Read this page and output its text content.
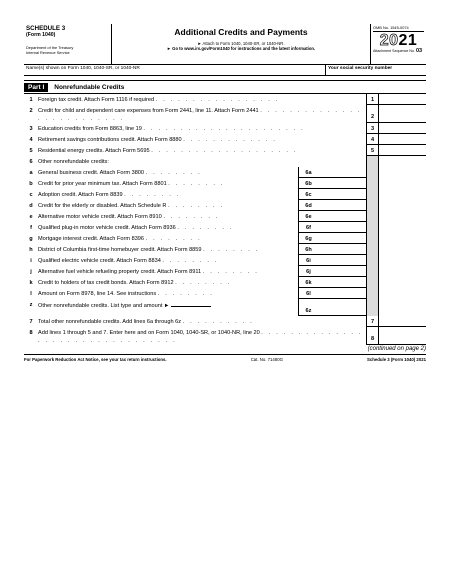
SCHEDULE 3
(Form 1040)
Department of the Treasury
Internal Revenue Service
Additional Credits and Payments
► Attach to Form 1040, 1040-SR, or 1040-NR.
► Go to www.irs.gov/Form1040 for instructions and the latest information.
OMB No. 1545-0074
2021
Attachment Sequence No. 03
Name(s) shown on Form 1040, 1040-SR, or 1040-NR	Your social security number
Part I	Nonrefundable Credits
1 Foreign tax credit. Attach Form 1116 if required . . . . . . . . . . . . . . . . .	1
2 Credit for child and dependent care expenses from Form 2441, line 11. Attach Form 2441 . . . . . . . . . . . . . . . . . . . . . . . . . .	2
3 Education credits from Form 8863, line 19 . . . . . . . . . . . . . . . . . . . . . .	3
4 Retirement savings contributions credit. Attach Form 8880 . . . . . . . . . . . . .	4
5 Residential energy credits. Attach Form 5695 . . . . . . . . . . . . . . . . . . . .	5
6 Other nonrefundable credits:
a General business credit. Attach Form 3800 . . . . . . . .	6a
b Credit for prior year minimum tax. Attach Form 8801 . . . . . . . .	6b
c Adoption credit. Attach Form 8839 . . . . . . . .	6c
d Credit for the elderly or disabled. Attach Schedule R . . . . . . . .	6d
e Alternative motor vehicle credit. Attach Form 8910 . . . . . . . .	6e
f	Qualified plug-in motor vehicle credit. Attach Form 8936 . . . . . . . .	6f
g Mortgage interest credit. Attach Form 8396 . . . . . . . .	6g
h District of Columbia first-time homebuyer credit. Attach Form 8859 . . . . . . . .	6h
i	Qualified electric vehicle credit. Attach Form 8834 . . . . . . . .	6i
j	Alternative fuel vehicle refueling property credit. Attach Form 8911 . . . . . . . .	6j
k Credit to holders of tax credit bonds. Attach Form 8912 . . . . . . . .	6k
l	Amount on Form 8978, line 14. See instructions . . . . . . . .	6l
z	Other nonrefundable credits. List type and amount ►
6z
7 Total other nonrefundable credits. Add lines 6a through 6z . . . . . . . . . .	7
8 Add lines 1 through 5 and 7. Enter here and on Form 1040, 1040-SR, or 1040-NR, line 20 . . . . . . . . . . . . . . . . . . . . . . . . . . . . . . . . .	8
(continued on page 2)
For Paperwork Reduction Act Notice, see your tax return instructions.	Cat. No. 71480G	Schedule 3 (Form 1040) 2021
